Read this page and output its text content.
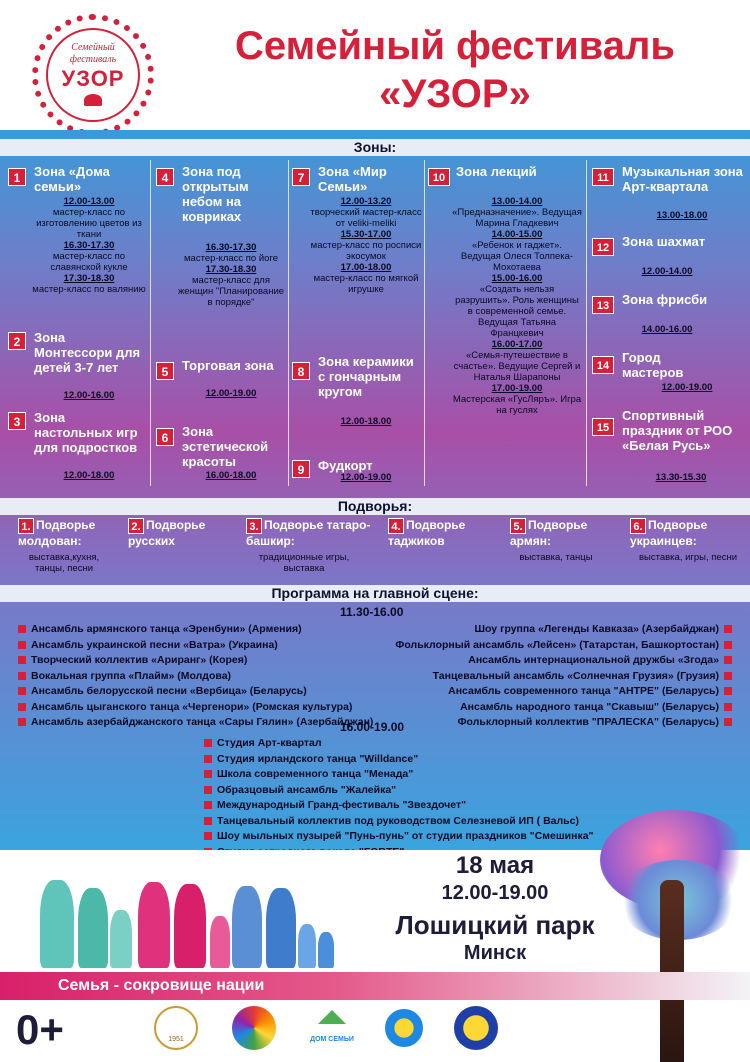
Семейный
фестиваль
УЗОР
Семейный фестиваль
«УЗОР»
Зоны:
1	Зона «Дома семьи»
12.00-13.00
мастер-класс по изготовлению цветов из ткани
16.30-17.30
мастер-класс по славянской кукле
17.30-18.30
мастер-класс по валянию
2	Зона Монтессори для детей 3-7 лет
12.00-16.00
3	Зона настольных игр для подростков
12.00-18.00
4	Зона под открытым небом на ковриках
16.30-17.30
мастер-класс по йоге
17.30-18.30
мастер-класс для женщин "Планирование в порядке"
5	Торговая зона
12.00-19.00
6	Зона эстетической красоты
16.00-18.00
7	Зона «Мир Семьи»
12.00-13.20
творческий мастер-класс от veliki-meliki
15.30-17.00
мастер-класс по росписи экосумок
17.00-18.00
мастер-класс по мягкой игрушке
8
Зона керамики с гончарным кругом
12.00-18.00
9	Фудкорт
12.00-19.00
10 Зона лекций
13.00-14.00
«Предназначение». Ведущая Марина Гладкевич
14.00-15.00
«Ребенок и гаджет». Ведущая Олеся Толпека-Мохотаева
15.00-16.00
«Создать нельзя разрушить». Роль женщины в современной семье. Ведущая Татьяна Францкевич
16.00-17.00
«Семья-путешествие в счастье». Ведущие Сергей и Наталья Шарапоны
17.00-19.00
Мастерская «ГусЛяръ». Игра на гуслях
11	Музыкальная зона Арт-квартала
13.00-18.00
12 Зона шахмат
12.00-14.00
13 Зона фрисби
14.00-16.00
14
Город мастеров
12.00-19.00
15
Спортивный праздник от РОО «Белая Русь»
13.30-15.30
Подворья:
1. Подворье молдован:
выставка,кухня, танцы, песни
2. Подворье русских
3. Подворье татаро-башкир:
традиционные игры, выставка
4. Подворье таджиков
5. Подворье армян:
выставка, танцы
6. Подворье украинцев:
выставка, игры, песни
Программа на главной сцене:
11.30-16.00
Ансамбль армянского танца «Эренбуни» (Армения)
Ансамбль украинской песни «Ватра» (Украина)
Творческий коллектив «Ариранг» (Корея)
Вокальная группа «Плайм» (Молдова)
Ансамбль белорусской песни «Вербица» (Беларусь)
Ансамбль цыганского танца «Чергенори» (Ромская культура)
Ансамбль азербайджанского танца «Сары Гялин» (Азербайджан)
Шоу группа «Легенды Кавказа» (Азербайджан)
Фольклорный ансамбль «Лейсен» (Татарстан, Башкортостан)
Ансамбль интернациональной дружбы «Згода»
Танцевальный ансамбль «Солнечная Грузия» (Грузия)
Ансамбль современного танца "АНТРЕ" (Беларусь)
Ансамбль народного танца "Скавыш" (Беларусь)
Фольклорный коллектив "ПРАЛЕСКА" (Беларусь)
16.00-19.00
Студия Арт-квартал
Студия ирландского танца "Willdance"
Школа современного танца "Менада"
Образцовый ансамбль "Жалейка"
Международный Гранд-фестиваль "Звездочет"
Танцевальный коллектив под руководством Селезневой ИП ( Вальс)
Шоу мыльных пузырей "Пунь-пунь" от студии праздников "Смешинка"
18 мая
12.00-19.00
Лошицкий парк
Минск
Семья - сокровище нации
0+	1951	ДОМ СЕМЬИ
